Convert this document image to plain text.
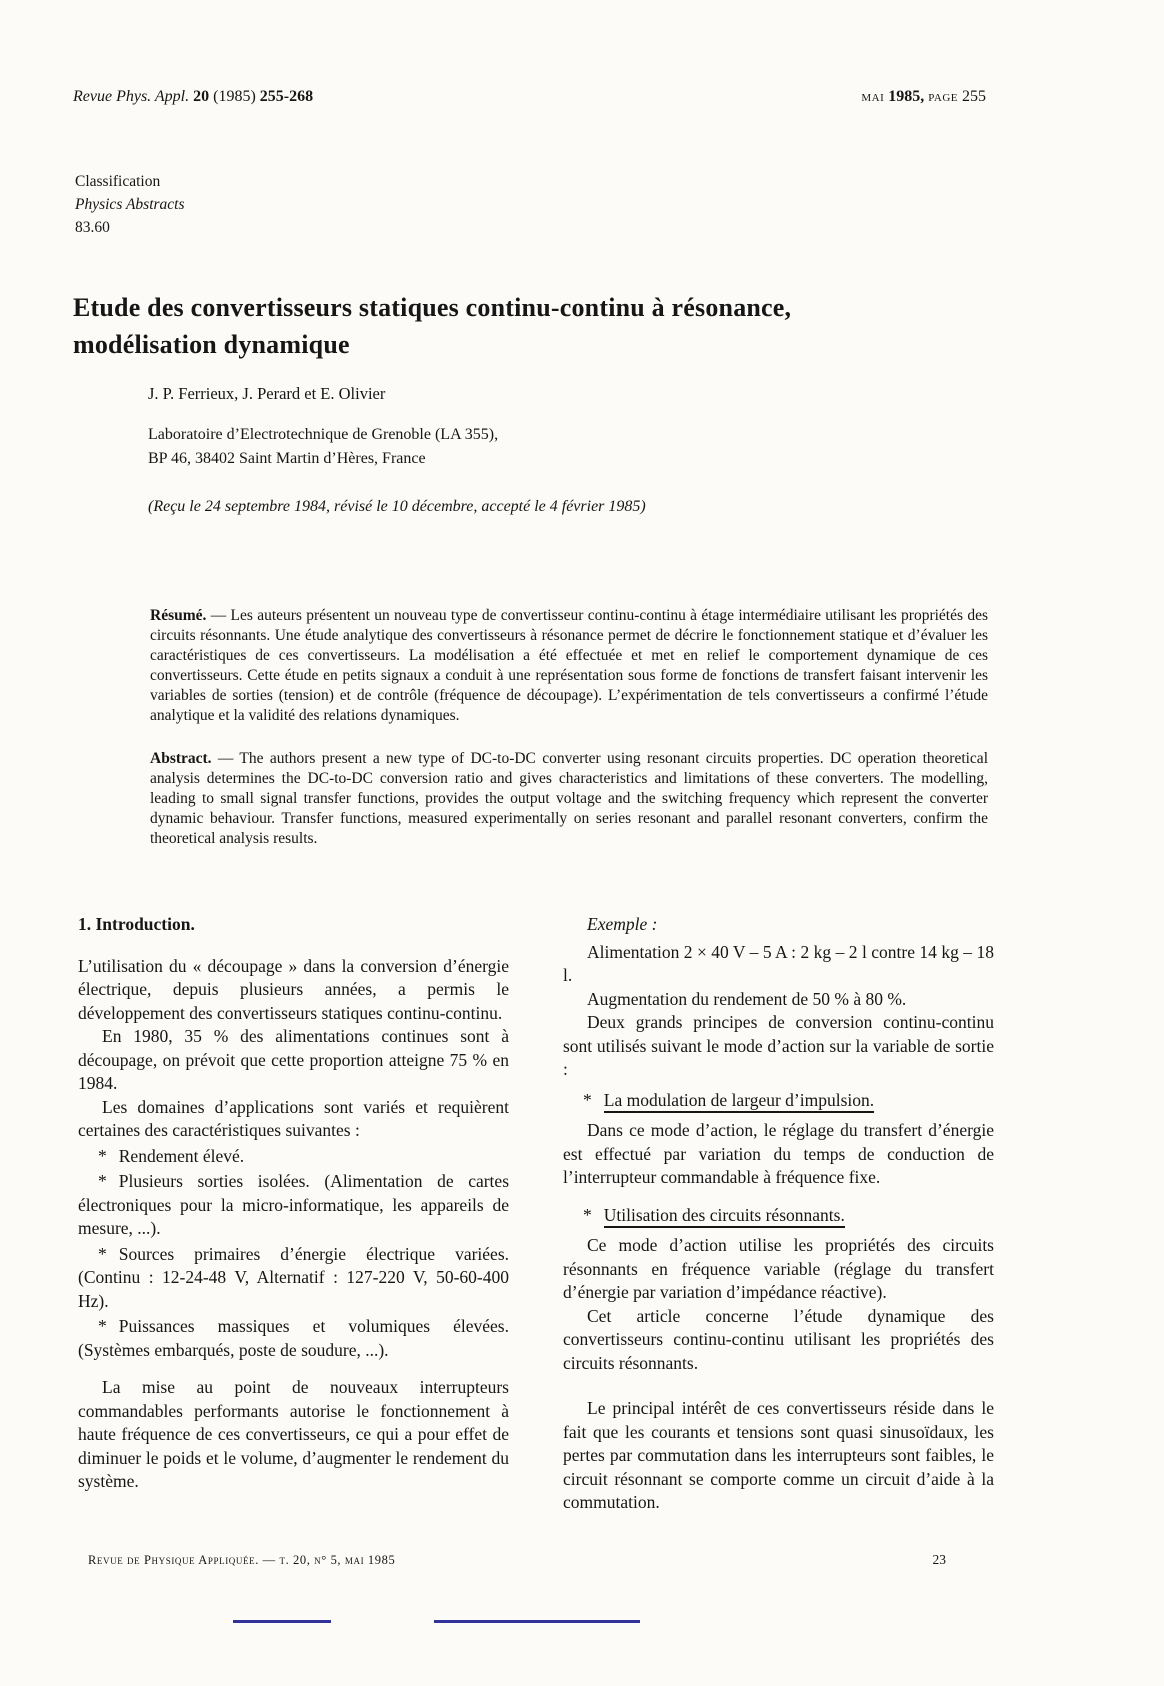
Revue Phys. Appl. 20 (1985) 255-268	mai 1985, page 255
Classification
Physics Abstracts
83.60
Etude des convertisseurs statiques continu-continu à résonance,
modélisation dynamique
J. P. Ferrieux, J. Perard et E. Olivier
Laboratoire d’Electrotechnique de Grenoble (LA 355),
BP 46, 38402 Saint Martin d’Hères, France
(Reçu le 24 septembre 1984, révisé le 10 décembre, accepté le 4 février 1985)
Résumé. — Les auteurs présentent un nouveau type de convertisseur continu-continu à étage intermédiaire utilisant les propriétés des circuits résonnants. Une étude analytique des convertisseurs à résonance permet de décrire le fonctionnement statique et d’évaluer les caractéristiques de ces convertisseurs. La modélisation a été effectuée et met en relief le comportement dynamique de ces convertisseurs. Cette étude en petits signaux a conduit à une représentation sous forme de fonctions de transfert faisant intervenir les variables de sorties (tension) et de contrôle (fréquence de découpage). L’expérimentation de tels convertisseurs a confirmé l’étude analytique et la validité des relations dynamiques.
Abstract. — The authors present a new type of DC-to-DC converter using resonant circuits properties. DC operation theoretical analysis determines the DC-to-DC conversion ratio and gives characteristics and limitations of these converters. The modelling, leading to small signal transfer functions, provides the output voltage and the switching frequency which represent the converter dynamic behaviour. Transfer functions, measured experimentally on series resonant and parallel resonant converters, confirm the theoretical analysis results.
1. Introduction.

L’utilisation du « découpage » dans la conversion d’énergie électrique, depuis plusieurs années, a permis le développement des convertisseurs statiques continu-continu.

En 1980, 35 % des alimentations continues sont à découpage, on prévoit que cette proportion atteigne 75 % en 1984.

Les domaines d’applications sont variés et requièrent certaines des caractéristiques suivantes :

* Rendement élevé.
* Plusieurs sorties isolées. (Alimentation de cartes électroniques pour la micro-informatique, les appareils de mesure, ...).
* Sources primaires d’énergie électrique variées. (Continu : 12-24-48 V, Alternatif : 127-220 V, 50-60-400 Hz).
* Puissances massiques et volumiques élevées. (Systèmes embarqués, poste de soudure, ...).

La mise au point de nouveaux interrupteurs commandables performants autorise le fonctionnement à haute fréquence de ces convertisseurs, ce qui a pour effet de diminuer le poids et le volume, d’augmenter le rendement du système.

Exemple :

Alimentation 2 × 40 V – 5 A : 2 kg – 2 l contre 14 kg – 18 l.

Augmentation du rendement de 50 % à 80 %.

Deux grands principes de conversion continu-continu sont utilisés suivant le mode d’action sur la variable de sortie :

* La modulation de largeur d’impulsion.

Dans ce mode d’action, le réglage du transfert d’énergie est effectué par variation du temps de conduction de l’interrupteur commandable à fréquence fixe.

* Utilisation des circuits résonnants.

Ce mode d’action utilise les propriétés des circuits résonnants en fréquence variable (réglage du transfert d’énergie par variation d’impédance réactive).

Cet article concerne l’étude dynamique des convertisseurs continu-continu utilisant les propriétés des circuits résonnants.

Le principal intérêt de ces convertisseurs réside dans le fait que les courants et tensions sont quasi sinusoïdaux, les pertes par commutation dans les interrupteurs sont faibles, le circuit résonnant se comporte comme un circuit d’aide à la commutation.

Revue de Physique Appliquée. — t. 20, n° 5, mai 1985	23
